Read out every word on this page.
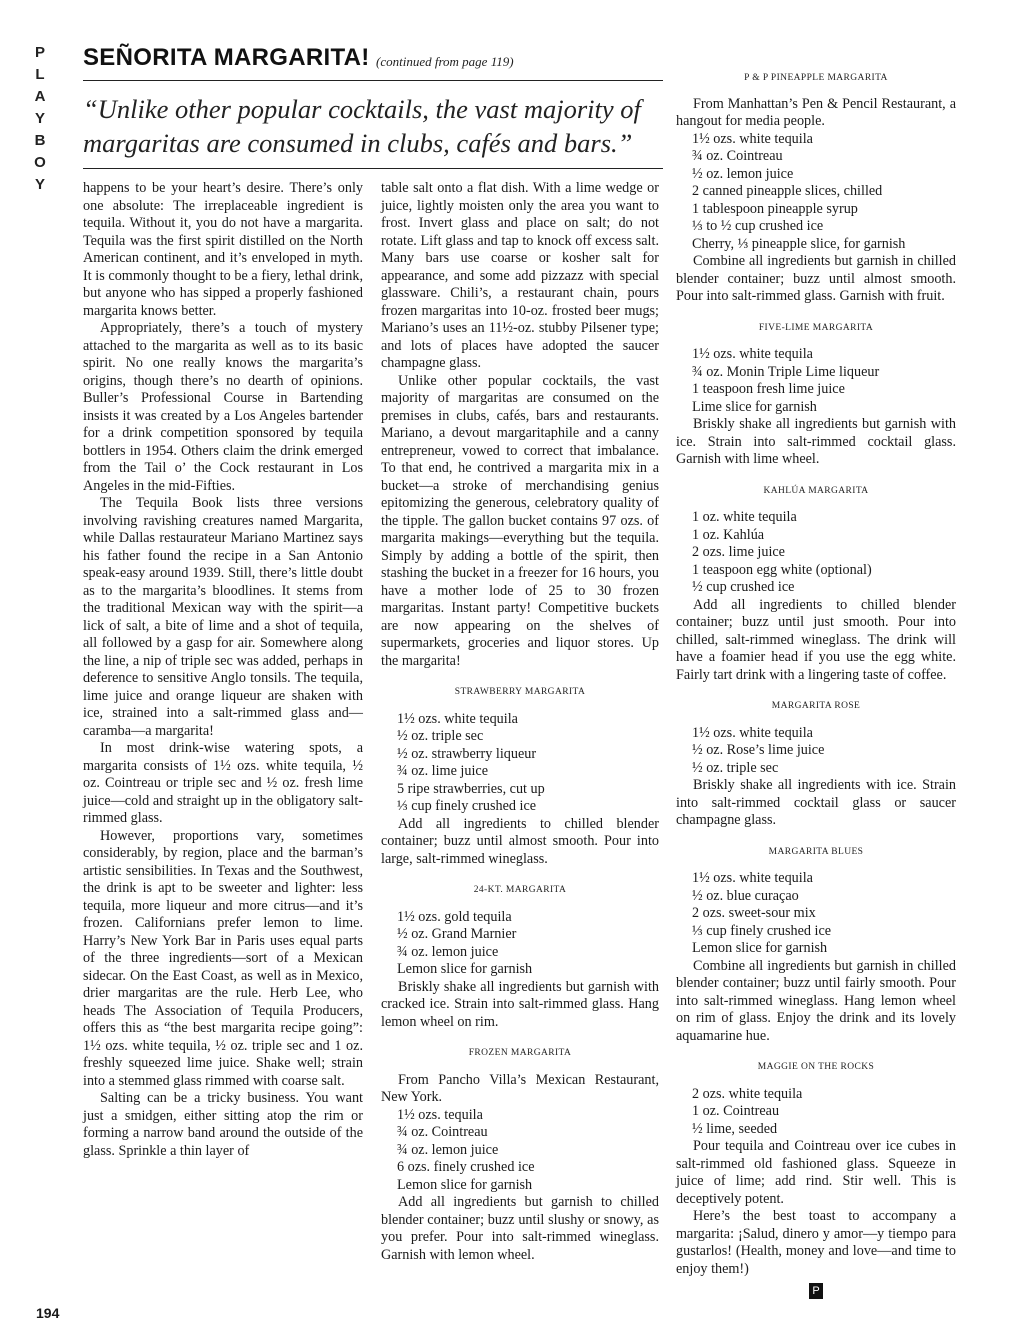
P
L
A
Y
B
O
Y
SEÑORITA MARGARITA! (continued from page 119)
“Unlike other popular cocktails, the vast majority of margaritas are consumed in clubs, cafés and bars.”

happens to be your heart’s desire. There’s only one absolute: The irreplaceable ingredient is tequila. Without it, you do not have a margarita. Tequila was the first spirit distilled on the North American continent, and it’s enveloped in myth. It is commonly thought to be a fiery, lethal drink, but anyone who has sipped a properly fashioned margarita knows better.

Appropriately, there’s a touch of mystery attached to the margarita as well as to its basic spirit. No one really knows the margarita’s origins, though there’s no dearth of opinions. Buller’s Professional Course in Bartending insists it was created by a Los Angeles bartender for a drink competition sponsored by tequila bottlers in 1954. Others claim the drink emerged from the Tail o’ the Cock restaurant in Los Angeles in the mid-Fifties.

The Tequila Book lists three versions involving ravishing creatures named Margarita, while Dallas restaurateur Mariano Martinez says his father found the recipe in a San Antonio speak-easy around 1939. Still, there’s little doubt as to the margarita’s bloodlines. It stems from the traditional Mexican way with the spirit—a lick of salt, a bite of lime and a shot of tequila, all followed by a gasp for air. Somewhere along the line, a nip of triple sec was added, perhaps in deference to sensitive Anglo tonsils. The tequila, lime juice and orange liqueur are shaken with ice, strained into a salt-rimmed glass and—caramba—a margarita!

In most drink-wise watering spots, a margarita consists of 1½ ozs. white tequila, ½ oz. Cointreau or triple sec and ½ oz. fresh lime juice—cold and straight up in the obligatory salt-rimmed glass.

However, proportions vary, sometimes considerably, by region, place and the barman’s artistic sensibilities. In Texas and the Southwest, the drink is apt to be sweeter and lighter: less tequila, more liqueur and more citrus—and it’s frozen. Californians prefer lemon to lime. Harry’s New York Bar in Paris uses equal parts of the three ingredients—sort of a Mexican sidecar. On the East Coast, as well as in Mexico, drier margaritas are the rule. Herb Lee, who heads The Association of Tequila Producers, offers this as “the best margarita recipe going”: 1½ ozs. white tequila, ½ oz. triple sec and 1 oz. freshly squeezed lime juice. Shake well; strain into a stemmed glass rimmed with coarse salt.

Salting can be a tricky business. You want just a smidgen, either sitting atop the rim or forming a narrow band around the outside of the glass. Sprinkle a thin layer of

table salt onto a flat dish. With a lime wedge or juice, lightly moisten only the area you want to frost. Invert glass and place on salt; do not rotate. Lift glass and tap to knock off excess salt. Many bars use coarse or kosher salt for appearance, and some add pizzazz with special glassware. Chili’s, a restaurant chain, pours frozen margaritas into 10-oz. frosted beer mugs; Mariano’s uses an 11½-oz. stubby Pilsener type; and lots of places have adopted the saucer champagne glass.

Unlike other popular cocktails, the vast majority of margaritas are consumed on the premises in clubs, cafés, bars and restaurants. Mariano, a devout margaritaphile and a canny entrepreneur, vowed to correct that imbalance. To that end, he contrived a margarita mix in a bucket—a stroke of merchandising genius epitomizing the generous, celebratory quality of the tipple. The gallon bucket contains 97 ozs. of margarita makings—everything but the tequila. Simply by adding a bottle of the spirit, then stashing the bucket in a freezer for 16 hours, you have a mother lode of 25 to 30 frozen margaritas. Instant party! Competitive buckets are now appearing on the shelves of supermarkets, groceries and liquor stores. Up the margarita!

STRAWBERRY MARGARITA
1½ ozs. white tequila
½ oz. triple sec
½ oz. strawberry liqueur
¾ oz. lime juice
5 ripe strawberries, cut up
⅓ cup finely crushed ice

Add all ingredients to chilled blender container; buzz until almost smooth. Pour into large, salt-rimmed wineglass.

24-KT. MARGARITA
1½ ozs. gold tequila
½ oz. Grand Marnier
¾ oz. lemon juice
Lemon slice for garnish

Briskly shake all ingredients but garnish with cracked ice. Strain into salt-rimmed glass. Hang lemon wheel on rim.

FROZEN MARGARITA

From Pancho Villa’s Mexican Restaurant, New York.

1½ ozs. tequila
¾ oz. Cointreau
¾ oz. lemon juice
6 ozs. finely crushed ice
Lemon slice for garnish

Add all ingredients but garnish to chilled blender container; buzz until slushy or snowy, as you prefer. Pour into salt-rimmed wineglass. Garnish with lemon wheel.

P & P PINEAPPLE MARGARITA

From Manhattan’s Pen & Pencil Restaurant, a hangout for media people.

1½ ozs. white tequila
¾ oz. Cointreau
½ oz. lemon juice
2 canned pineapple slices, chilled
1 tablespoon pineapple syrup
⅓ to ½ cup crushed ice
Cherry, ⅓ pineapple slice, for garnish

Combine all ingredients but garnish in chilled blender container; buzz until almost smooth. Pour into salt-rimmed glass. Garnish with fruit.

FIVE-LIME MARGARITA
1½ ozs. white tequila
¾ oz. Monin Triple Lime liqueur
1 teaspoon fresh lime juice
Lime slice for garnish

Briskly shake all ingredients but garnish with ice. Strain into salt-rimmed cocktail glass. Garnish with lime wheel.

KAHLÚA MARGARITA
1 oz. white tequila
1 oz. Kahlúa
2 ozs. lime juice
1 teaspoon egg white (optional)
½ cup crushed ice

Add all ingredients to chilled blender container; buzz until just smooth. Pour into chilled, salt-rimmed wineglass. The drink will have a foamier head if you use the egg white. Fairly tart drink with a lingering taste of coffee.

MARGARITA ROSE
1½ ozs. white tequila
½ oz. Rose’s lime juice
½ oz. triple sec

Briskly shake all ingredients with ice. Strain into salt-rimmed cocktail glass or saucer champagne glass.

MARGARITA BLUES
1½ ozs. white tequila
½ oz. blue curaçao
2 ozs. sweet-sour mix
⅓ cup finely crushed ice
Lemon slice for garnish

Combine all ingredients but garnish in chilled blender container; buzz until fairly smooth. Pour into salt-rimmed wineglass. Hang lemon wheel on rim of glass. Enjoy the drink and its lovely aquamarine hue.

MAGGIE ON THE ROCKS
2 ozs. white tequila
1 oz. Cointreau
½ lime, seeded

Pour tequila and Cointreau over ice cubes in salt-rimmed old fashioned glass. Squeeze in juice of lime; add rind. Stir well. This is deceptively potent.

Here’s the best toast to accompany a margarita: ¡Salud, dinero y amor—y tiempo para gustarlos! (Health, money and love—and time to enjoy them!)

P
194
